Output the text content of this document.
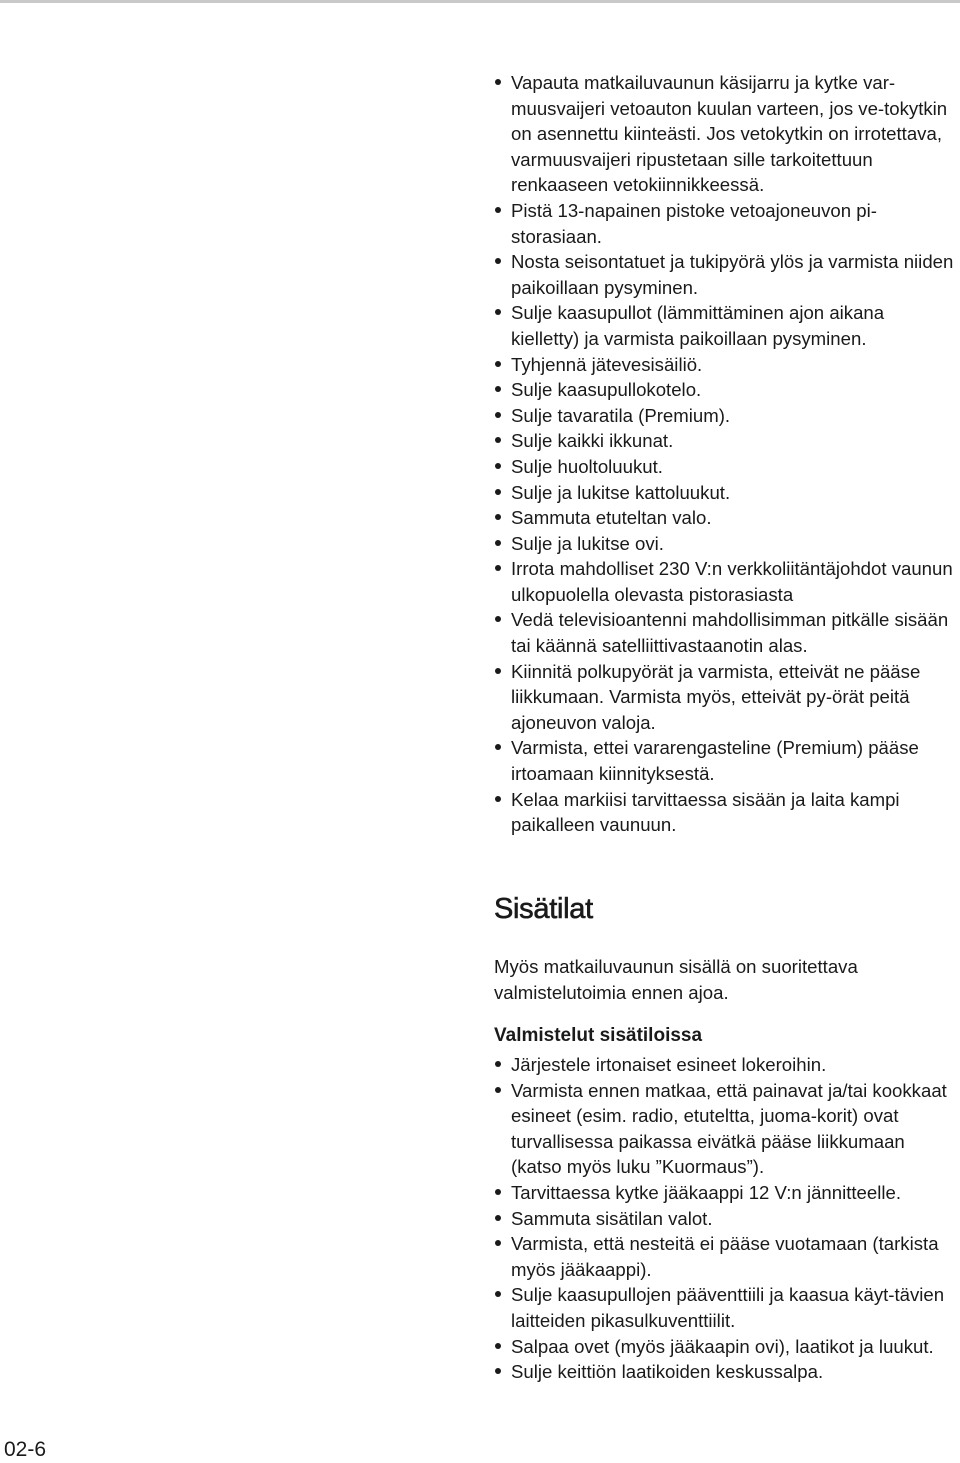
Vapauta matkailuvaunun käsijarru ja kytke var-muusvaijeri vetoauton kuulan varteen, jos ve-tokytkin on asennettu kiinteästi. Jos vetokytkin on irrotettava, varmuusvaijeri ripustetaan sille tarkoitettuun renkaaseen vetokiinnikkeessä.
Pistä 13-napainen pistoke vetoajoneuvon pi-storasiaan.
Nosta seisontatuet ja tukipyörä ylös ja varmista niiden paikoillaan pysyminen.
Sulje kaasupullot (lämmittäminen ajon aikana kielletty) ja varmista paikoillaan pysyminen.
Tyhjennä jätevesisäiliö.
Sulje kaasupullokotelo.
Sulje tavaratila (Premium).
Sulje kaikki ikkunat.
Sulje huoltoluukut.
Sulje ja lukitse kattoluukut.
Sammuta etuteltan valo.
Sulje ja lukitse ovi.
Irrota mahdolliset 230 V:n verkkoliitäntäjohdot vaunun ulkopuolella olevasta pistorasiasta
Vedä televisioantenni mahdollisimman pitkälle sisään tai käännä satelliittivastaanotin alas.
Kiinnitä polkupyörät ja varmista, etteivät ne pääse liikkumaan. Varmista myös, etteivät py-örät peitä ajoneuvon valoja.
Varmista, ettei vararengasteline (Premium) pääse irtoamaan kiinnityksestä.
Kelaa markiisi tarvittaessa sisään ja laita kampi paikalleen vaunuun.
Sisätilat

Myös matkailuvaunun sisällä on suoritettava valmistelutoimia ennen ajoa.

Valmistelut sisätiloissa
Järjestele irtonaiset esineet lokeroihin.
Varmista ennen matkaa, että painavat ja/tai kookkaat esineet (esim. radio, etuteltta, juoma-korit) ovat turvallisessa paikassa eivätkä pääse liikkumaan (katso myös luku ”Kuormaus”).
Tarvittaessa kytke jääkaappi 12 V:n jännitteelle.
Sammuta sisätilan valot.
Varmista, että nesteitä ei pääse vuotamaan (tarkista myös jääkaappi).
Sulje kaasupullojen pääventtiili ja kaasua käyt-tävien laitteiden pikasulkuventtiilit.
Salpaa ovet (myös jääkaapin ovi), laatikot ja luukut.
Sulje keittiön laatikoiden keskussalpa.
02-6
